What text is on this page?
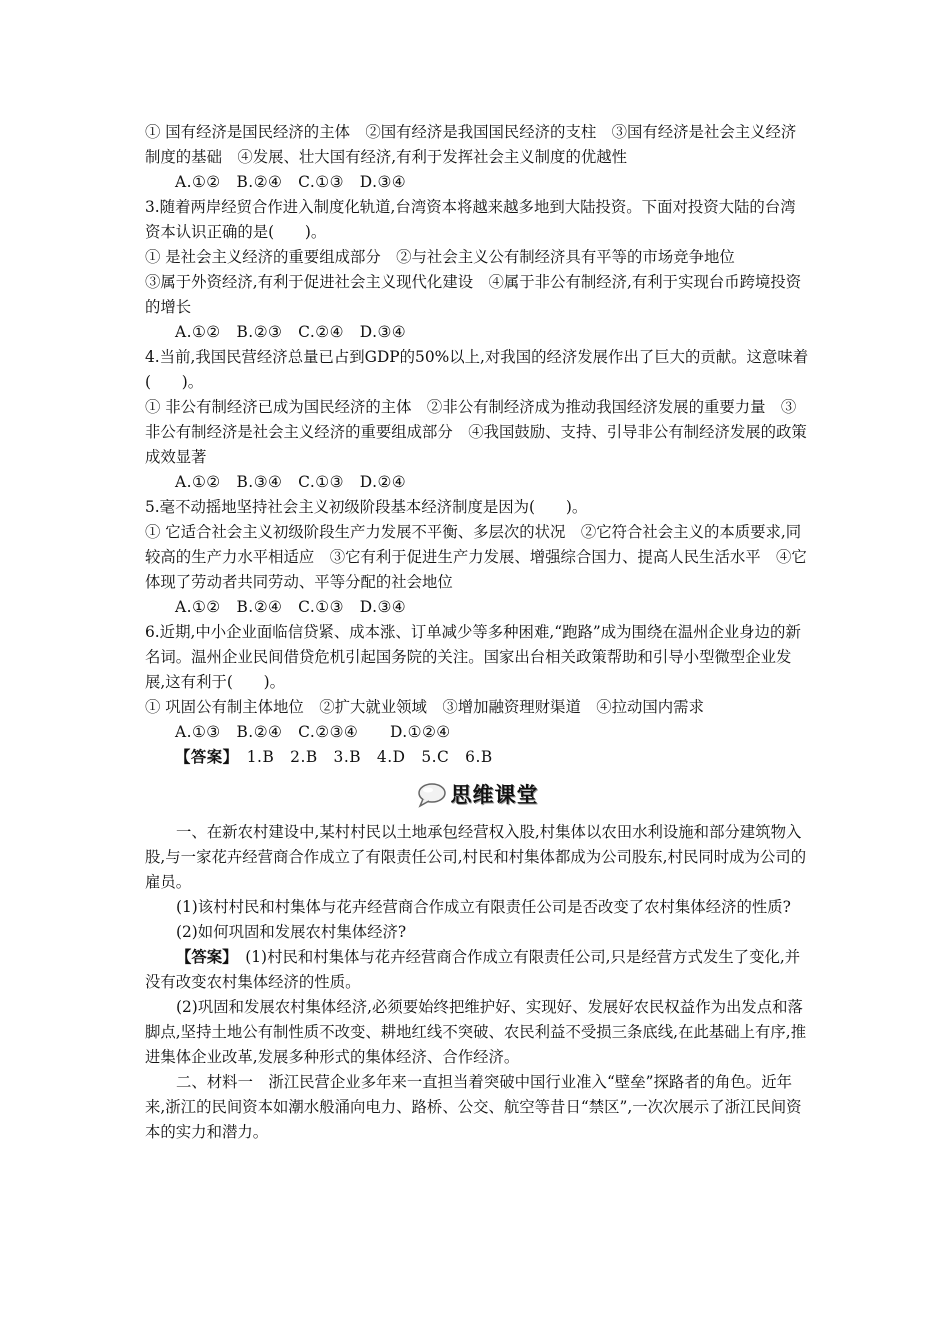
① 国有经济是国民经济的主体　②国有经济是我国国民经济的支柱　③国有经济是社会主义经济制度的基础　④发展、壮大国有经济,有利于发挥社会主义制度的优越性

A.①②　B.②④　C.①③　D.③④

3.随着两岸经贸合作进入制度化轨道,台湾资本将越来越多地到大陆投资。下面对投资大陆的台湾资本认识正确的是(　　)。

① 是社会主义经济的重要组成部分　②与社会主义公有制经济具有平等的市场竞争地位

③属于外资经济,有利于促进社会主义现代化建设　④属于非公有制经济,有利于实现台币跨境投资的增长

A.①②　B.②③　C.②④　D.③④

4.当前,我国民营经济总量已占到GDP的50%以上,对我国的经济发展作出了巨大的贡献。这意味着(　　)。

① 非公有制经济已成为国民经济的主体　②非公有制经济成为推动我国经济发展的重要力量　③非公有制经济是社会主义经济的重要组成部分　④我国鼓励、支持、引导非公有制经济发展的政策成效显著

A.①②　B.③④　C.①③　D.②④

5.毫不动摇地坚持社会主义初级阶段基本经济制度是因为(　　)。

① 它适合社会主义初级阶段生产力发展不平衡、多层次的状况　②它符合社会主义的本质要求,同较高的生产力水平相适应　③它有利于促进生产力发展、增强综合国力、提高人民生活水平　④它体现了劳动者共同劳动、平等分配的社会地位

A.①②　B.②④　C.①③　D.③④

6.近期,中小企业面临信贷紧、成本涨、订单减少等多种困难,“跑路”成为围绕在温州企业身边的新名词。温州企业民间借贷危机引起国务院的关注。国家出台相关政策帮助和引导小型微型企业发展,这有利于(　　)。

① 巩固公有制主体地位　②扩大就业领域　③增加融资理财渠道　④拉动国内需求

A.①③　B.②④　C.②③④　　D.①②④

【答案】　1.B　2.B　3.B　4.D　5.C　6.B

思维课堂

一、在新农村建设中,某村村民以土地承包经营权入股,村集体以农田水利设施和部分建筑物入股,与一家花卉经营商合作成立了有限责任公司,村民和村集体都成为公司股东,村民同时成为公司的雇员。

(1)该村村民和村集体与花卉经营商合作成立有限责任公司是否改变了农村集体经济的性质?

(2)如何巩固和发展农村集体经济?

【答案】　(1)村民和村集体与花卉经营商合作成立有限责任公司,只是经营方式发生了变化,并没有改变农村集体经济的性质。

(2)巩固和发展农村集体经济,必须要始终把维护好、实现好、发展好农民权益作为出发点和落脚点,坚持土地公有制性质不改变、耕地红线不突破、农民利益不受损三条底线,在此基础上有序,推进集体企业改革,发展多种形式的集体经济、合作经济。

二、材料一　浙江民营企业多年来一直担当着突破中国行业准入“壁垒”探路者的角色。近年来,浙江的民间资本如潮水般涌向电力、路桥、公交、航空等昔日“禁区”,一次次展示了浙江民间资本的实力和潜力。
